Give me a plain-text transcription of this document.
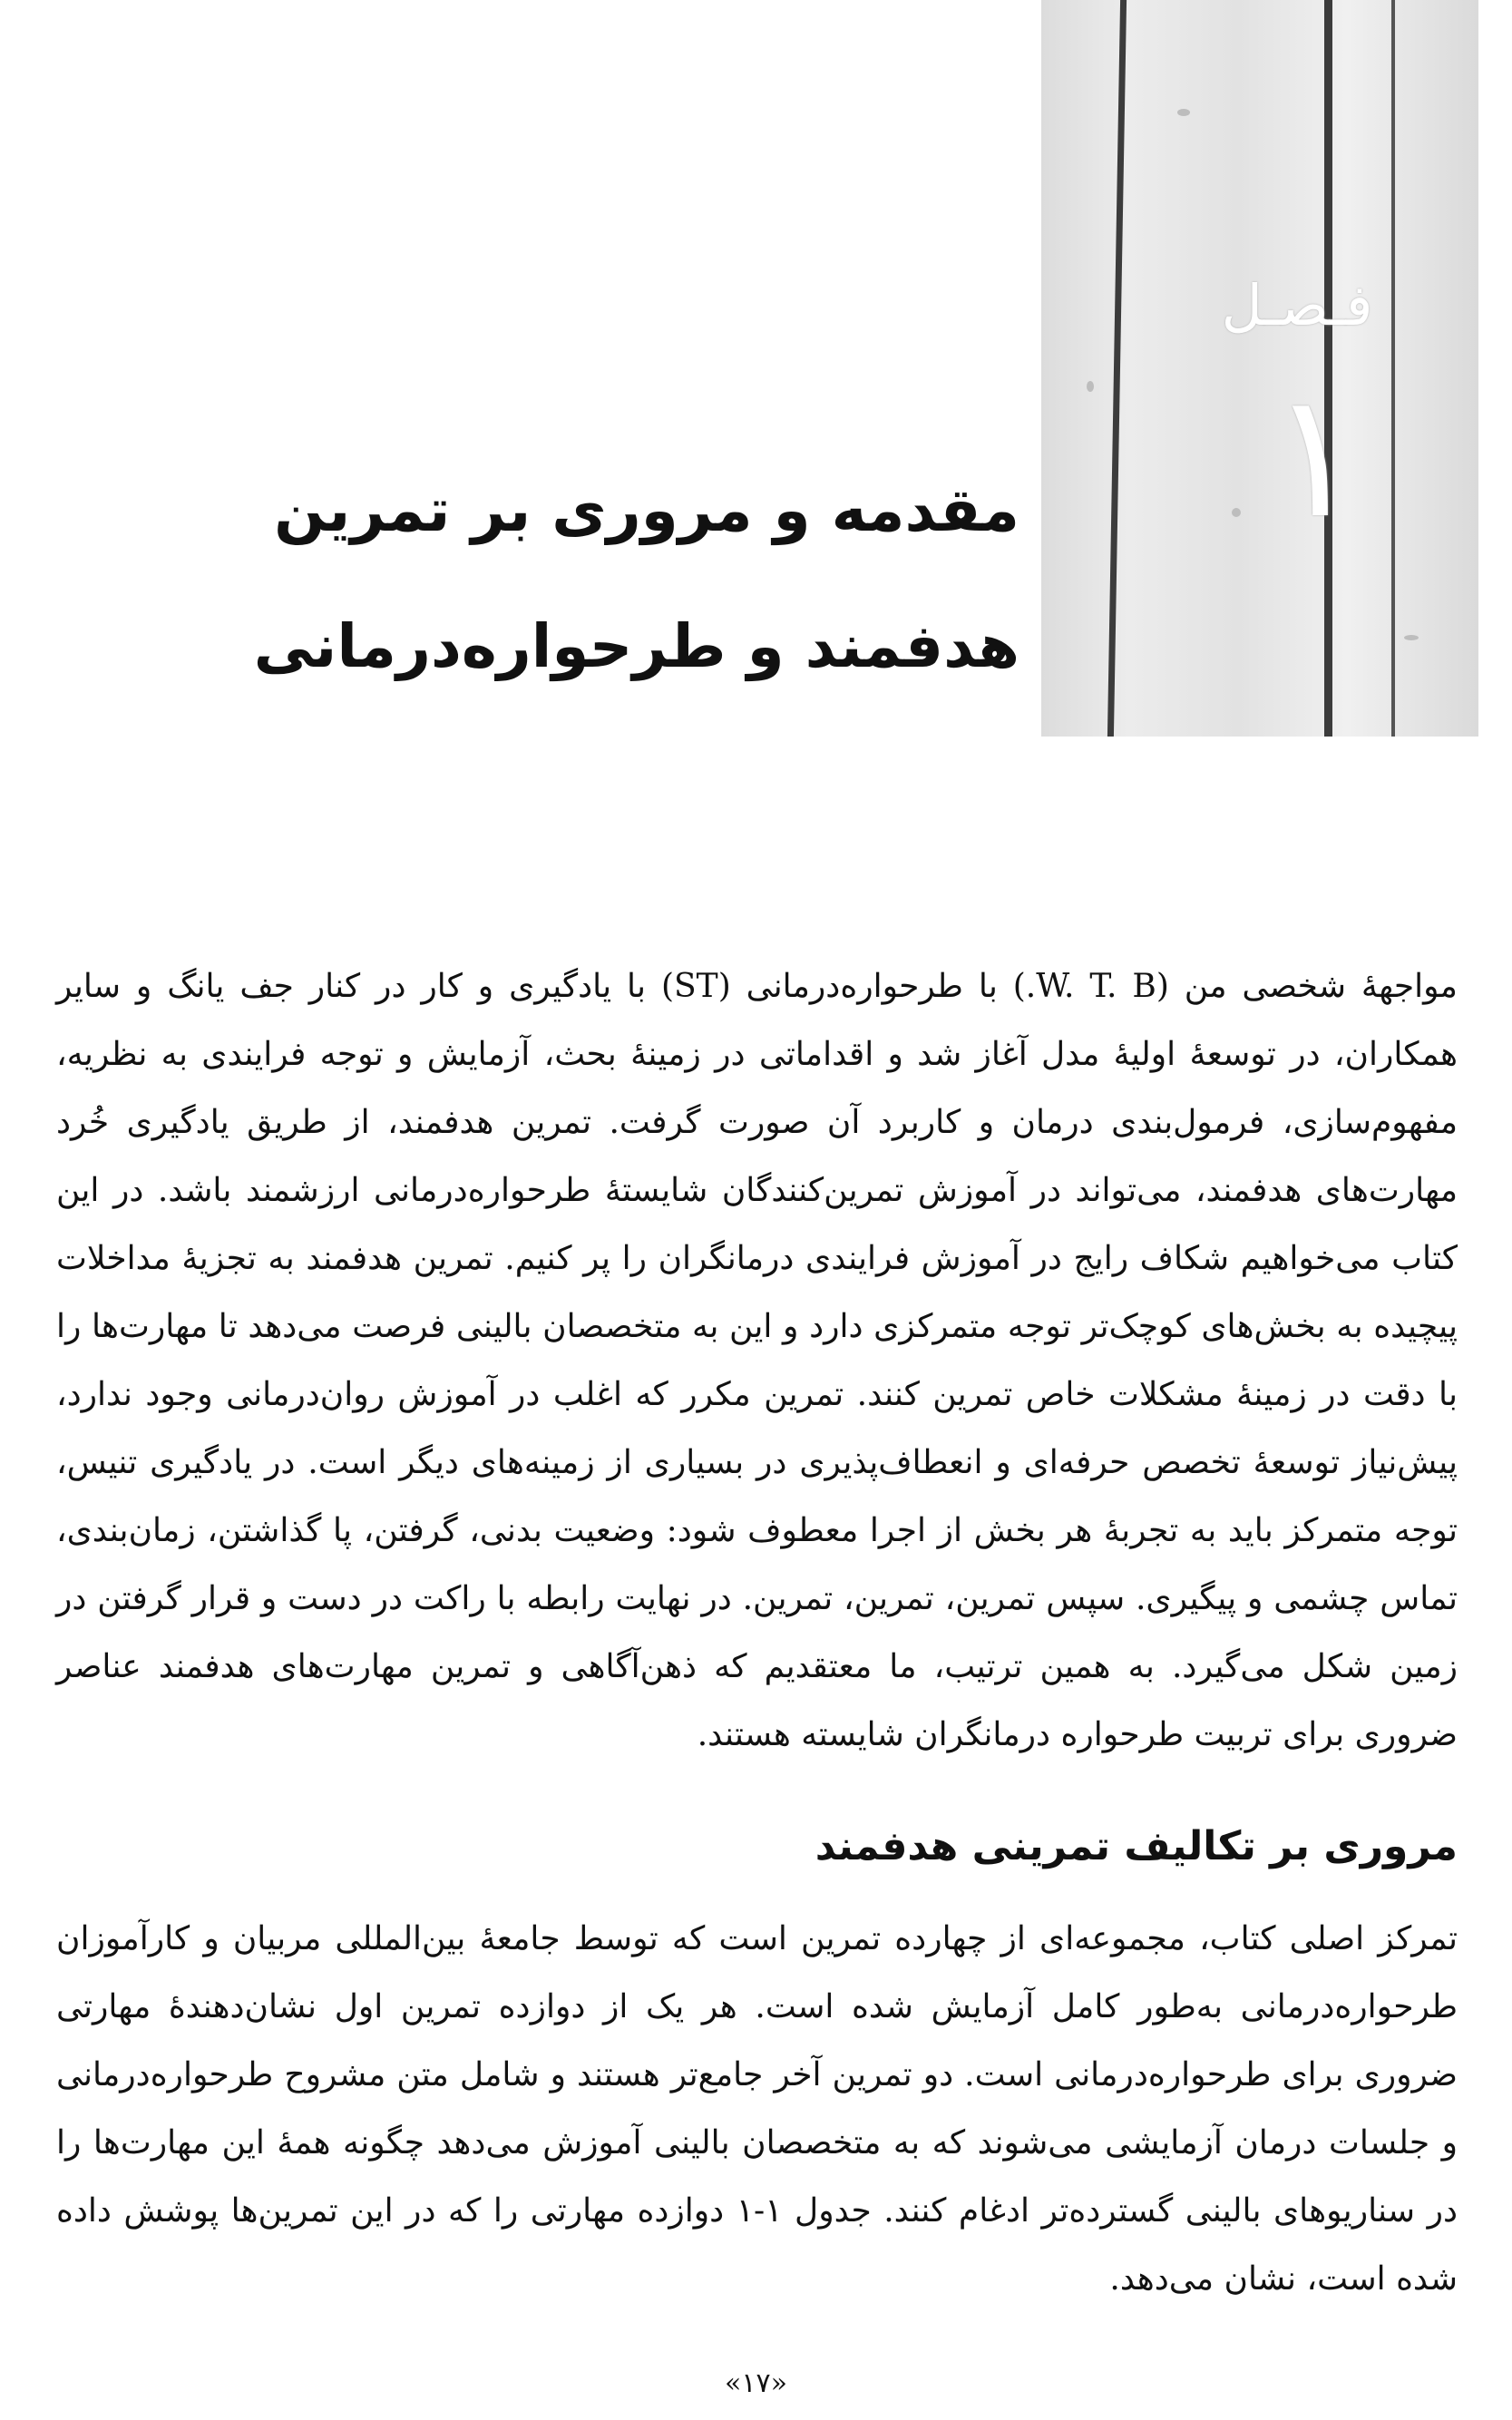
فـصـل
۱
مقدمه و مروری بر تمرین هدفمند و طرحواره‌درمانی

مواجهۀ شخصی من (W. T. B.) با طرحواره‌درمانی (ST) با یادگیری و کار در کنار جف یانگ و سایر همکاران، در توسعۀ اولیۀ مدل آغاز شد و اقداماتی در زمینۀ بحث، آزمایش و توجه فرایندی به نظریه، مفهوم‌سازی، فرمول‌بندی درمان و کاربرد آن صورت گرفت. تمرین هدفمند، از طریق یادگیری خُرد مهارت‌های هدفمند، می‌تواند در آموزش تمرین‌کنندگان شایستۀ طرحواره‌درمانی ارزشمند باشد. در این کتاب می‌خواهیم شکاف رایج در آموزش فرایندی درمانگران را پر کنیم. تمرین هدفمند به تجزیۀ مداخلات پیچیده به بخش‌های کوچک‌تر توجه متمرکزی دارد و این به متخصصان بالینی فرصت می‌دهد تا مهارت‌ها را با دقت در زمینۀ مشکلات خاص تمرین کنند. تمرین مکرر که اغلب در آموزش روان‌درمانی وجود ندارد، پیش‌نیاز توسعۀ تخصص حرفه‌ای و انعطاف‌پذیری در بسیاری از زمینه‌های دیگر است. در یادگیری تنیس، توجه متمرکز باید به تجربۀ هر بخش از اجرا معطوف شود: وضعیت بدنی، گرفتن، پا گذاشتن، زمان‌بندی، تماس چشمی و پیگیری. سپس تمرین، تمرین، تمرین. در نهایت رابطه با راکت در دست و قرار گرفتن در زمین شکل می‌گیرد. به همین ترتیب، ما معتقدیم که ذهن‌آگاهی و تمرین مهارت‌های هدفمند عناصر ضروری برای تربیت طرحواره درمانگران شایسته هستند.

مروری بر تکالیف تمرینی هدفمند

تمرکز اصلی کتاب، مجموعه‌ای از چهارده تمرین است که توسط جامعۀ بین‌المللی مربیان و کارآموزان طرحواره‌درمانی به‌طور کامل آزمایش شده است. هر یک از دوازده تمرین اول نشان‌دهندۀ مهارتی ضروری برای طرحواره‌درمانی است. دو تمرین آخر جامع‌تر هستند و شامل متن مشروح طرحواره‌درمانی و جلسات درمان آزمایشی می‌شوند که به متخصصان بالینی آموزش می‌دهد چگونه همۀ این مهارت‌ها را در سناریوهای بالینی گسترده‌تر ادغام کنند. جدول ۱-۱ دوازده مهارتی را که در این تمرین‌ها پوشش داده شده است، نشان می‌دهد.

«۱۷»
